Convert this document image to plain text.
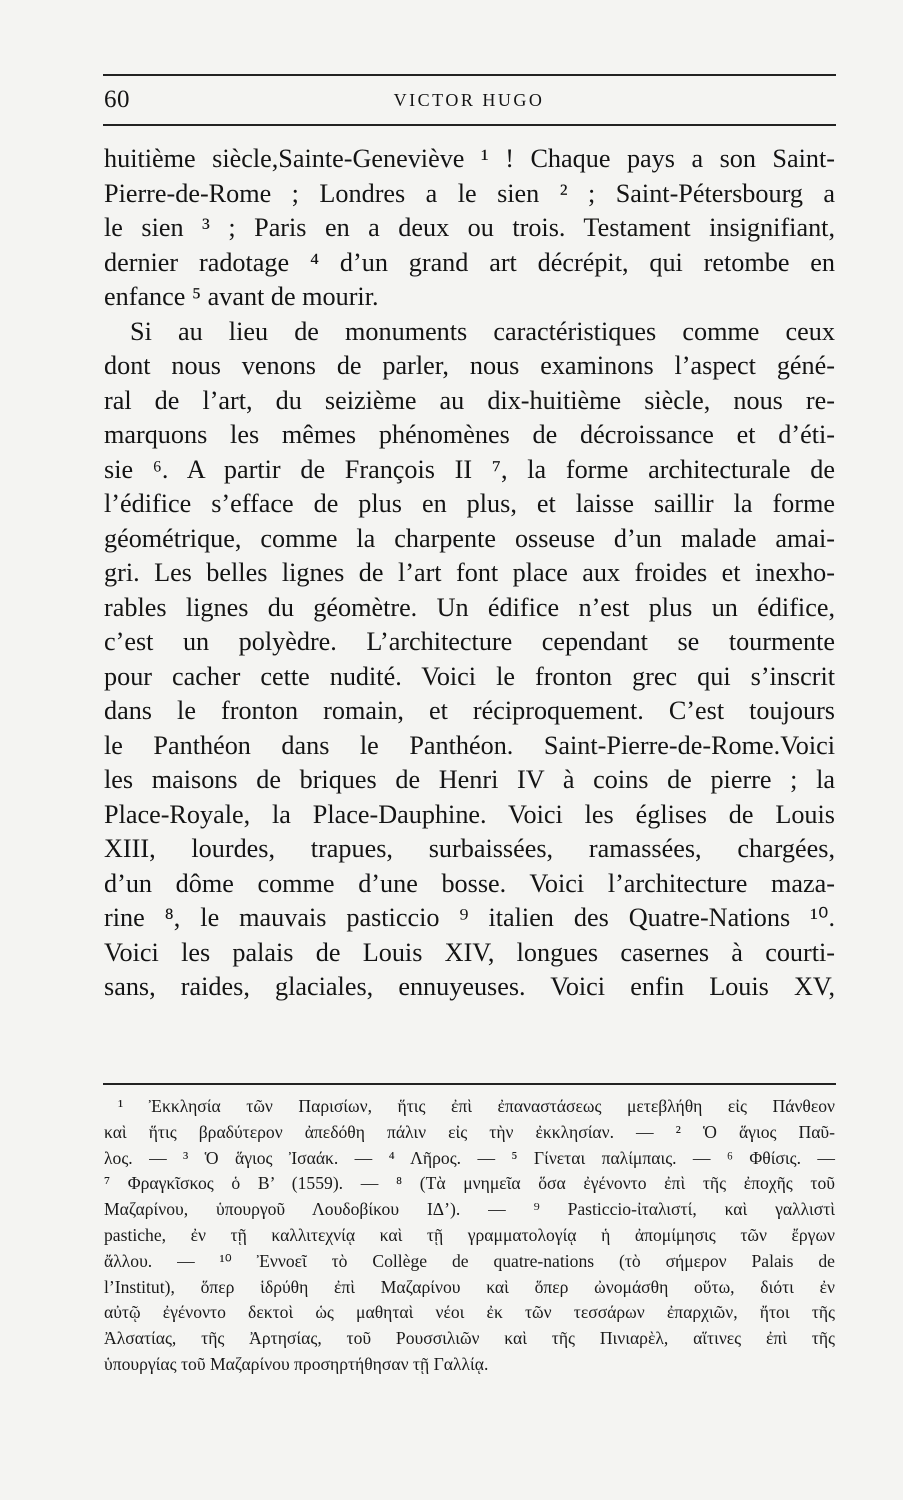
60	VICTOR HUGO

huitième siècle,Sainte-Geneviève ¹ ! Chaque pays a son Saint-
Pierre-de-Rome ; Londres a le sien ² ; Saint-Pétersbourg a
le sien ³ ; Paris en a deux ou trois. Testament insignifiant,
dernier radotage ⁴ d’un grand art décrépit, qui retombe en
enfance ⁵ avant de mourir.

Si au lieu de monuments caractéristiques comme ceux
dont nous venons de parler, nous examinons l’aspect géné-
ral de l’art, du seizième au dix-huitième siècle, nous re-
marquons les mêmes phénomènes de décroissance et d’éti-
sie ⁶. A partir de François II ⁷, la forme architecturale de
l’édifice s’efface de plus en plus, et laisse saillir la forme
géométrique, comme la charpente osseuse d’un malade amai-
gri. Les belles lignes de l’art font place aux froides et inexho-
rables lignes du géomètre. Un édifice n’est plus un édifice,
c’est un polyèdre. L’architecture cependant se tourmente
pour cacher cette nudité. Voici le fronton grec qui s’inscrit
dans le fronton romain, et réciproquement. C’est toujours
le Panthéon dans le Panthéon. Saint-Pierre-de-Rome.Voici
les maisons de briques de Henri IV à coins de pierre ; la
Place-Royale, la Place-Dauphine. Voici les églises de Louis
XIII, lourdes, trapues, surbaissées, ramassées, chargées,
d’un dôme comme d’une bosse. Voici l’architecture maza-
rine ⁸, le mauvais pasticcio ⁹ italien des Quatre-Nations ¹⁰.
Voici les palais de Louis XIV, longues casernes à courti-
sans, raides, glaciales, ennuyeuses. Voici enfin Louis XV,

¹ Ἐκκλησία τῶν Παρισίων, ἥτις ἐπὶ ἐπαναστάσεως μετεβλήθη εἰς Πάνθεον
καὶ ἥτις βραδύτερον ἀπεδόθη πάλιν εἰς τὴν ἐκκλησίαν. — ² Ὁ ἅγιος Παῦ-
λος. — ³ Ὁ ἅγιος Ἰσαάκ. — ⁴ Λῆρος. — ⁵ Γίνεται παλίμπαις. — ⁶ Φθίσις. —
⁷ Φραγκῖσκος ὁ Β’ (1559). — ⁸ (Τὰ μνημεῖα ὅσα ἐγένοντο ἐπὶ τῆς ἐποχῆς τοῦ
Μαζαρίνου, ὑπουργοῦ Λουδοβίκου ΙΔ’). — ⁹ Pasticcio-ἰταλιστί, καὶ γαλλιστὶ
pastiche, ἐν τῇ καλλιτεχνίᾳ καὶ τῇ γραμματολογίᾳ ἡ ἀπομίμησις τῶν ἔργων
ἄλλου. — ¹⁰ Ἐννοεῖ τὸ Collège de quatre-nations (τὸ σήμερον Palais de
l’Institut), ὅπερ ἱδρύθη ἐπὶ Μαζαρίνου καὶ ὅπερ ὠνομάσθη οὕτω, διότι ἐν
αὐτῷ ἐγένοντο δεκτοὶ ὡς μαθηταὶ νέοι ἐκ τῶν τεσσάρων ἐπαρχιῶν, ἤτοι τῆς
Ἀλσατίας, τῆς Ἀρτησίας, τοῦ Ρουσσιλιῶν καὶ τῆς Πινιαρὲλ, αἵτινες ἐπὶ τῆς
ὑπουργίας τοῦ Μαζαρίνου προσηρτήθησαν τῇ Γαλλίᾳ.
